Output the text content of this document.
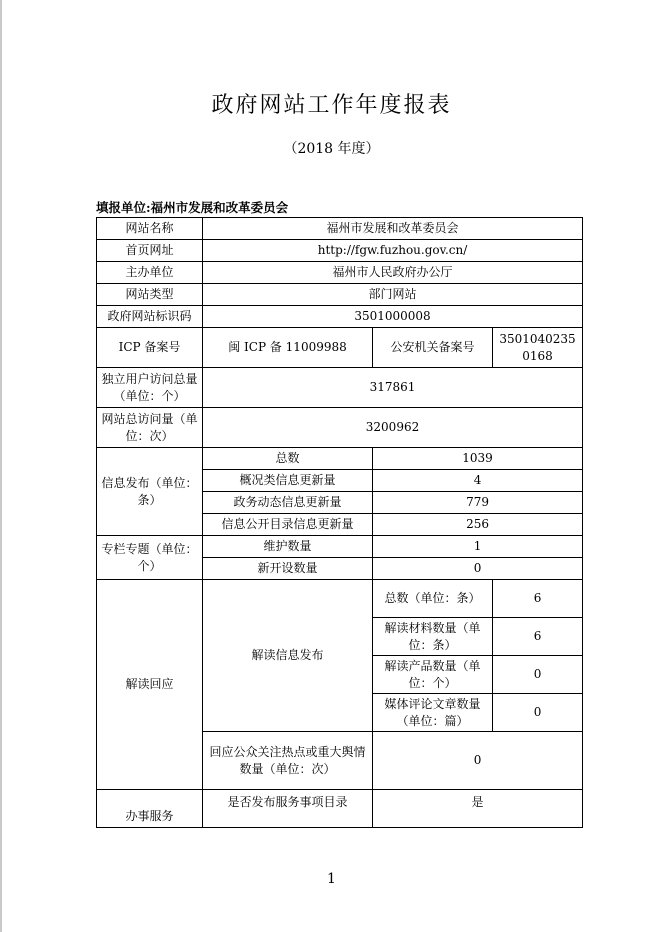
政府网站工作年度报表
（2018 年度）
填报单位:福州市发展和改革委员会
网站名称	福州市发展和改革委员会		
首页网址	http://fgw.fuzhou.gov.cn/		
主办单位	福州市人民政府办公厅		
网站类型	部门网站		
政府网站标识码	3501000008		
ICP 备案号	闽 ICP 备 11009988	公安机关备案号	35010402350168
独立用户访问总量（单位：个）	317861		
网站总访问量（单位：次）	3200962		
信息发布（单位：条）	总数	1039	
	概况类信息更新量	4	
	政务动态信息更新量	779	
	信息公开目录信息更新量	256	
专栏专题（单位：个）	维护数量	1	
	新开设数量	0	
解读回应	解读信息发布	总数（单位：条）	6
		解读材料数量（单位：条）	6
		解读产品数量（单位：个）	0
		媒体评论文章数量（单位：篇）	0
	回应公众关注热点或重大舆情数量（单位：次）	0	
办事服务	是否发布服务事项目录	是	
1
